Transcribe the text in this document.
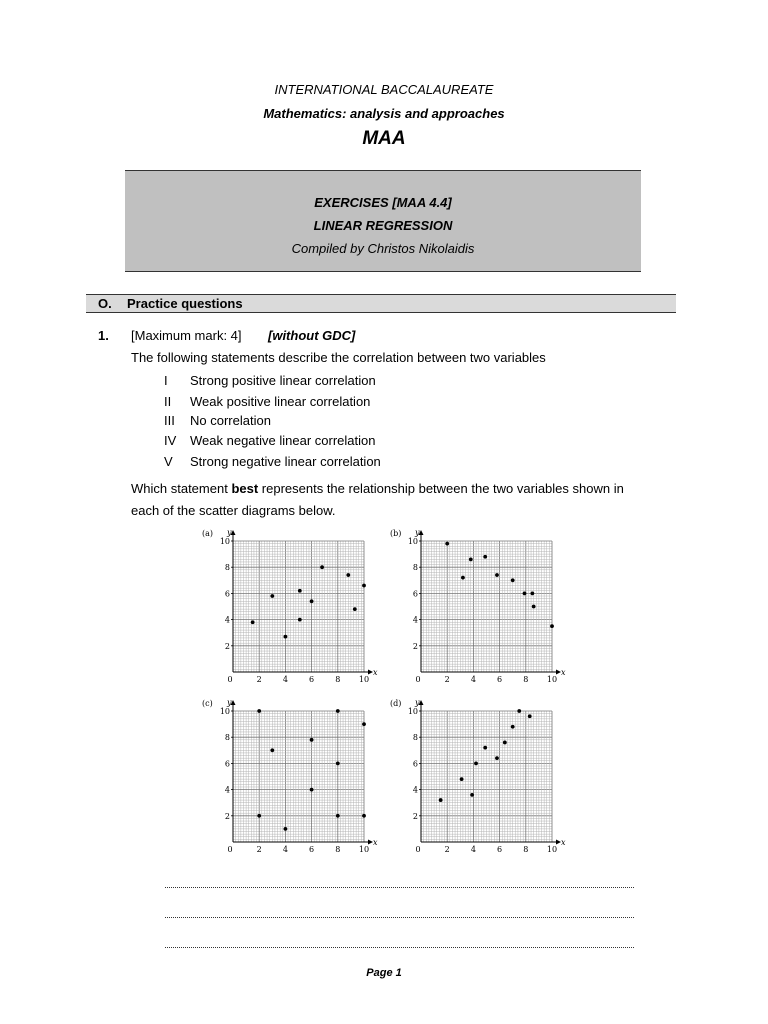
INTERNATIONAL BACCALAUREATE
Mathematics: analysis and approaches
MAA
EXERCISES [MAA 4.4]
LINEAR REGRESSION
Compiled by Christos Nikolaidis
O. Practice questions
1. [Maximum mark: 4] [without GDC]
The following statements describe the correlation between two variables
I Strong positive linear correlation
II Weak positive linear correlation
III No correlation
IV Weak negative linear correlation
V Strong negative linear correlation
Which statement best represents the relationship between the two variables shown in
each of the scatter diagrams below.
(a) y
x
0	2	4	6	8 10
2
4
6
8
10
(b) y
x
0	2	4	6	8 10
2
4
6
8
10
(c) y
x
0	2	4	6	8 10
2
4
6
8
10
(d) y
x
0	2	4	6	8 10
2
4
6
8
10
Page 1
